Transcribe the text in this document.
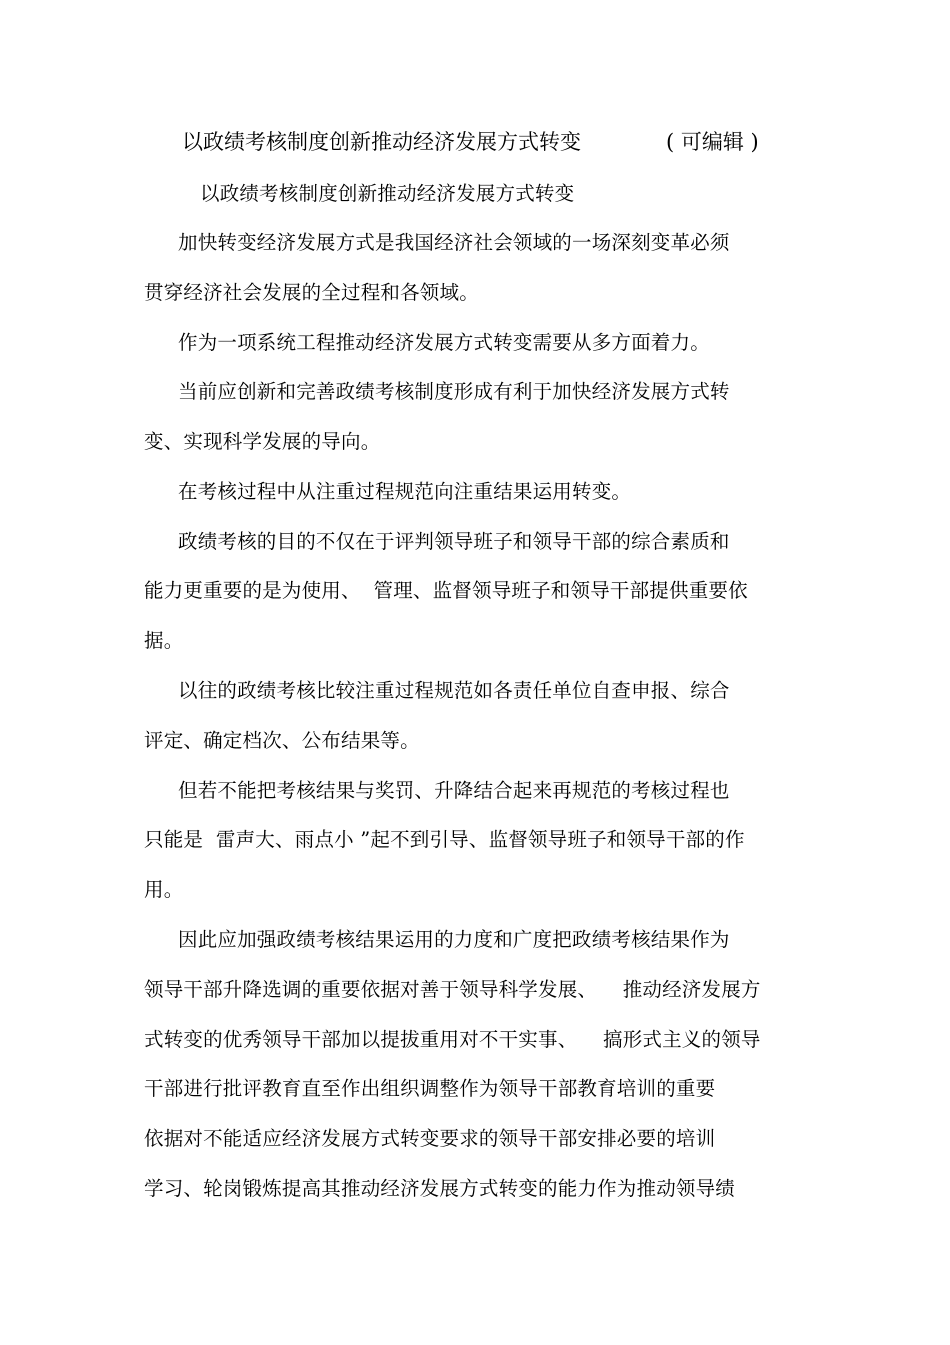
以政绩考核制度创新推动经济发展方式转变	( 可编辑 )

以政绩考核制度创新推动经济发展方式转变

加快转变经济发展方式是我国经济社会领域的一场深刻变革必须

贯穿经济社会发展的全过程和各领域。

作为一项系统工程推动经济发展方式转变需要从多方面着力。

当前应创新和完善政绩考核制度形成有利于加快经济发展方式转

变、实现科学发展的导向。

在考核过程中从注重过程规范向注重结果运用转变。

政绩考核的目的不仅在于评判领导班子和领导干部的综合素质和

能力更重要的是为使用、  管理、监督领导班子和领导干部提供重要依

据。

以往的政绩考核比较注重过程规范如各责任单位自查申报、综合

评定、确定档次、公布结果等。

但若不能把考核结果与奖罚、升降结合起来再规范的考核过程也

只能是  雷声大、雨点小 ”起不到引导、监督领导班子和领导干部的作

用。

因此应加强政绩考核结果运用的力度和广度把政绩考核结果作为

领导干部升降选调的重要依据对善于领导科学发展、    推动经济发展方

式转变的优秀领导干部加以提拔重用对不干实事、    搞形式主义的领导

干部进行批评教育直至作出组织调整作为领导干部教育培训的重要

依据对不能适应经济发展方式转变要求的领导干部安排必要的培训

学习、轮岗锻炼提高其推动经济发展方式转变的能力作为推动领导绩
